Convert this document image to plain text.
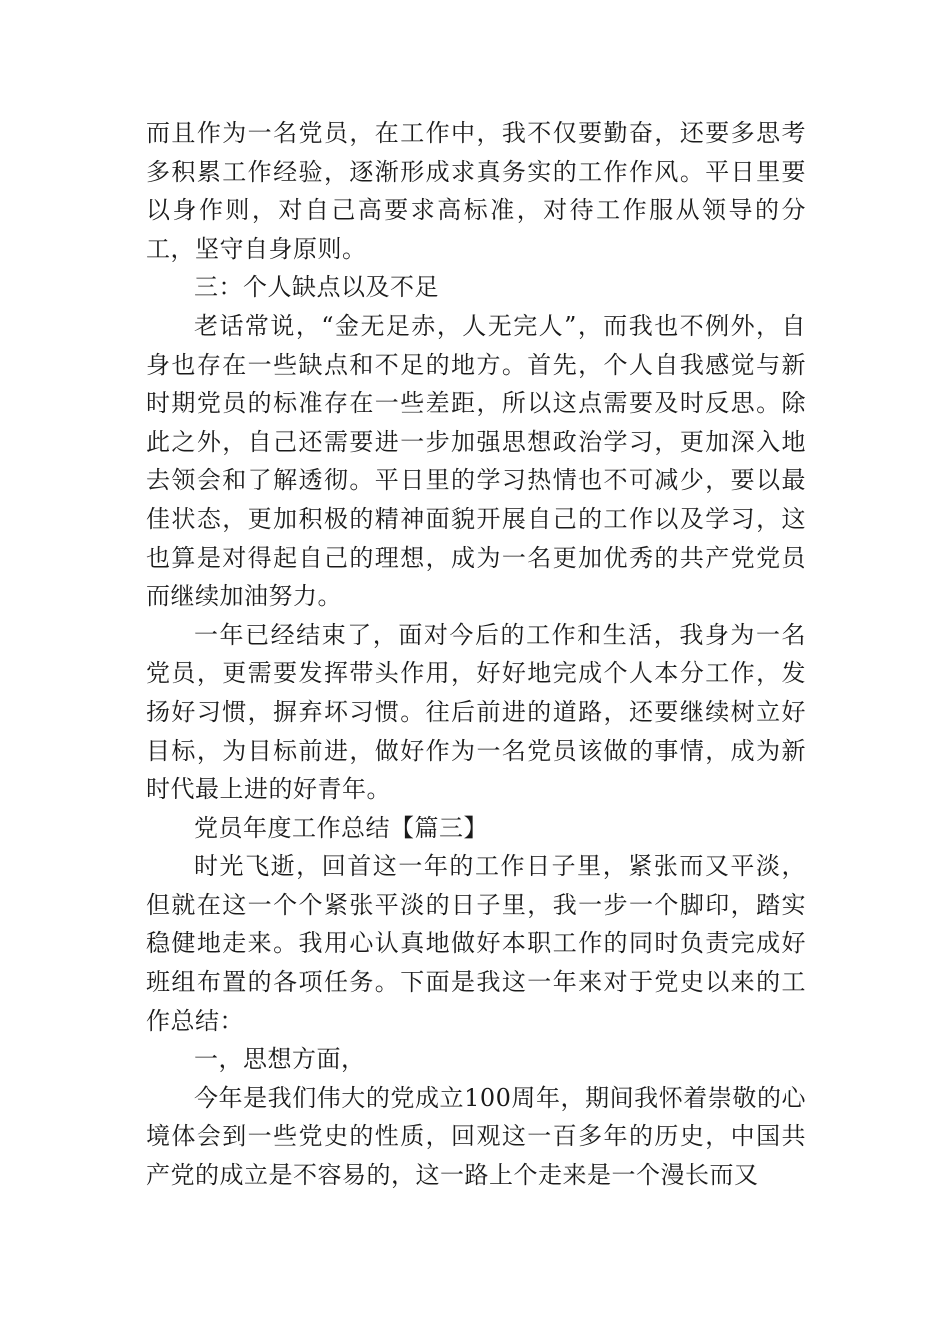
而且作为一名党员，在工作中，我不仅要勤奋，还要多思考多积累工作经验，逐渐形成求真务实的工作作风。平日里要以身作则，对自己高要求高标准，对待工作服从领导的分工，坚守自身原则。

三：个人缺点以及不足

老话常说，“金无足赤，人无完人”，而我也不例外，自身也存在一些缺点和不足的地方。首先，个人自我感觉与新时期党员的标准存在一些差距，所以这点需要及时反思。除此之外，自己还需要进一步加强思想政治学习，更加深入地去领会和了解透彻。平日里的学习热情也不可减少，要以最佳状态，更加积极的精神面貌开展自己的工作以及学习，这也算是对得起自己的理想，成为一名更加优秀的共产党党员而继续加油努力。

一年已经结束了，面对今后的工作和生活，我身为一名党员，更需要发挥带头作用，好好地完成个人本分工作，发扬好习惯，摒弃坏习惯。往后前进的道路，还要继续树立好目标，为目标前进，做好作为一名党员该做的事情，成为新时代最上进的好青年。

党员年度工作总结【篇三】

时光飞逝，回首这一年的工作日子里，紧张而又平淡，但就在这一个个紧张平淡的日子里，我一步一个脚印，踏实稳健地走来。我用心认真地做好本职工作的同时负责完成好班组布置的各项任务。下面是我这一年来对于党史以来的工作总结：

一，思想方面，

今年是我们伟大的党成立100周年，期间我怀着崇敬的心境体会到一些党史的性质，回观这一百多年的历史，中国共产党的成立是不容易的，这一路上个走来是一个漫长而又
